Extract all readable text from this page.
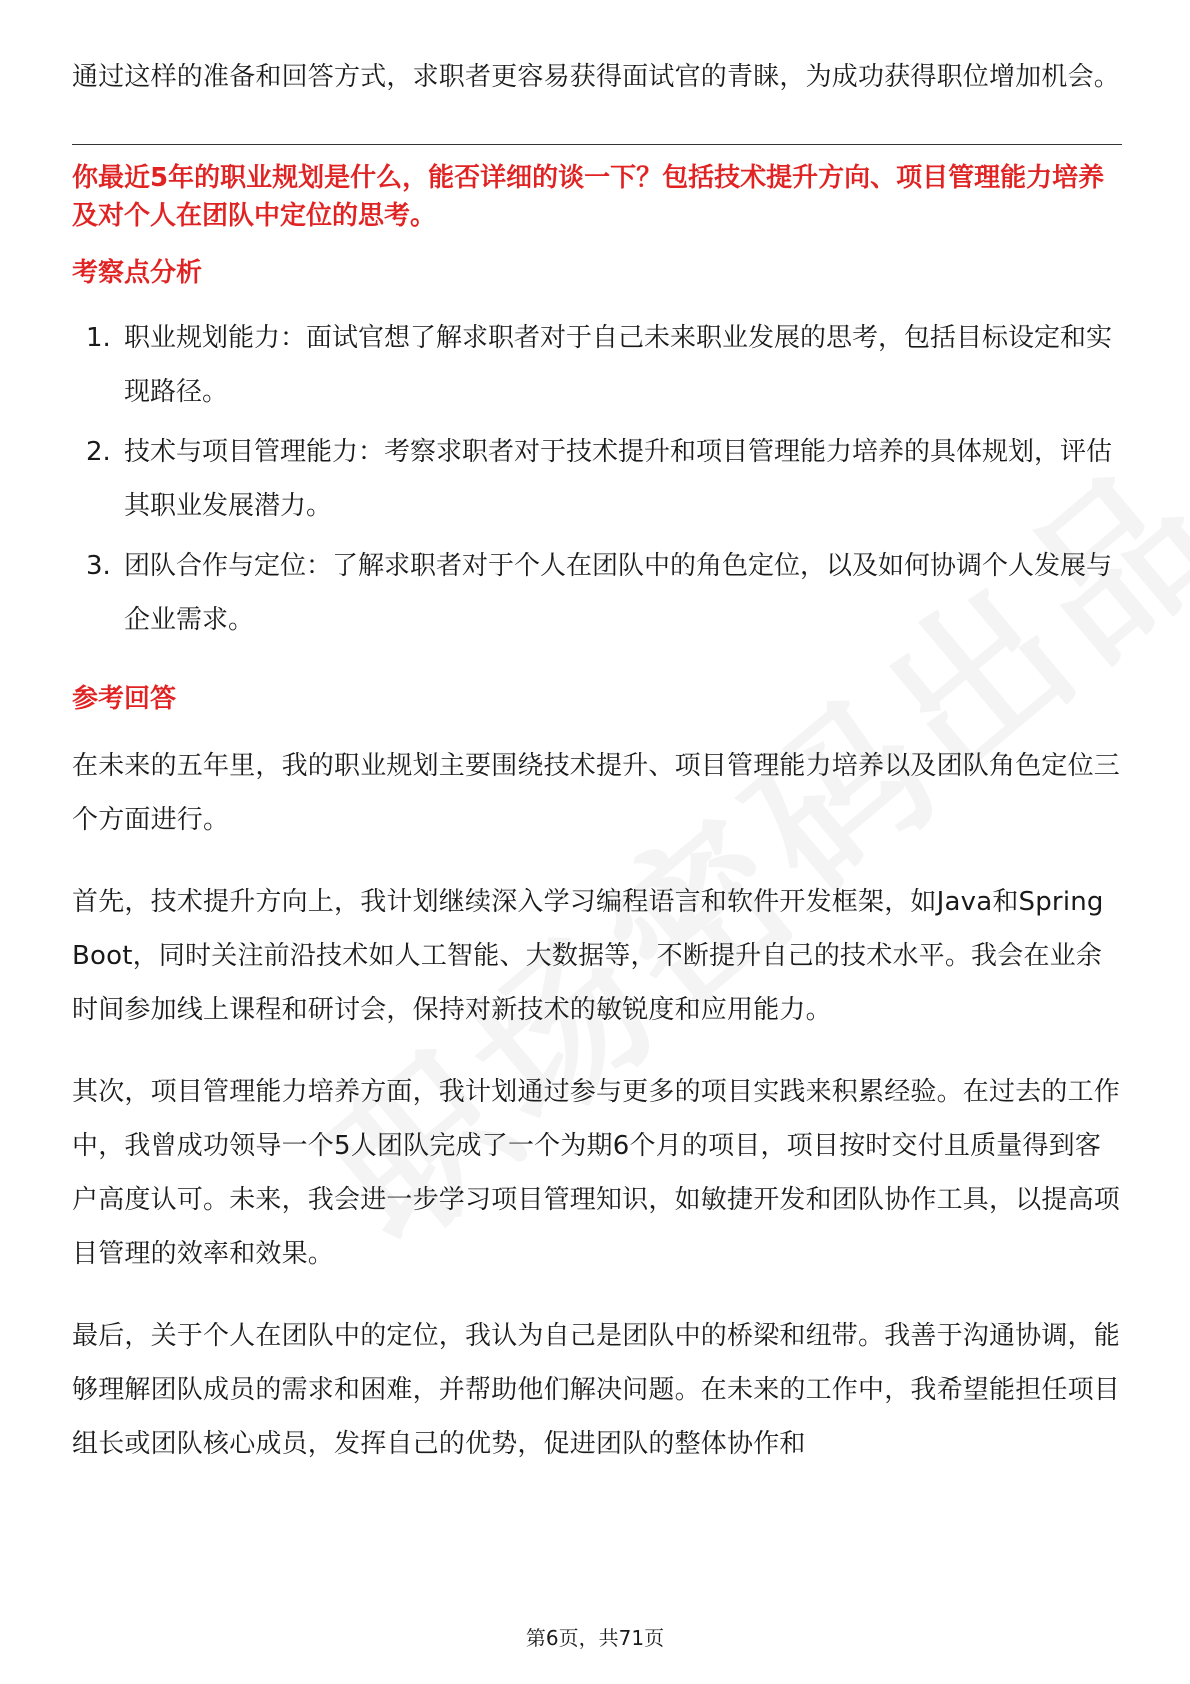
通过这样的准备和回答方式，求职者更容易获得面试官的青睐，为成功获得职位增加机会。

你最近5年的职业规划是什么，能否详细的谈一下？包括技术提升方向、项目管理能力培养及对个人在团队中定位的思考。
考察点分析
1. 职业规划能力：面试官想了解求职者对于自己未来职业发展的思考，包括目标设定和实现路径。
2. 技术与项目管理能力：考察求职者对于技术提升和项目管理能力培养的具体规划，评估其职业发展潜力。
3. 团队合作与定位：了解求职者对于个人在团队中的角色定位，以及如何协调个人发展与企业需求。
参考回答

在未来的五年里，我的职业规划主要围绕技术提升、项目管理能力培养以及团队角色定位三个方面进行。

首先，技术提升方向上，我计划继续深入学习编程语言和软件开发框架，如Java和Spring Boot，同时关注前沿技术如人工智能、大数据等，不断提升自己的技术水平。我会在业余时间参加线上课程和研讨会，保持对新技术的敏锐度和应用能力。

其次，项目管理能力培养方面，我计划通过参与更多的项目实践来积累经验。在过去的工作中，我曾成功领导一个5人团队完成了一个为期6个月的项目，项目按时交付且质量得到客户高度认可。未来，我会进一步学习项目管理知识，如敏捷开发和团队协作工具，以提高项目管理的效率和效果。

最后，关于个人在团队中的定位，我认为自己是团队中的桥梁和纽带。我善于沟通协调，能够理解团队成员的需求和困难，并帮助他们解决问题。在未来的工作中，我希望能担任项目组长或团队核心成员，发挥自己的优势，促进团队的整体协作和

第6页，共71页
